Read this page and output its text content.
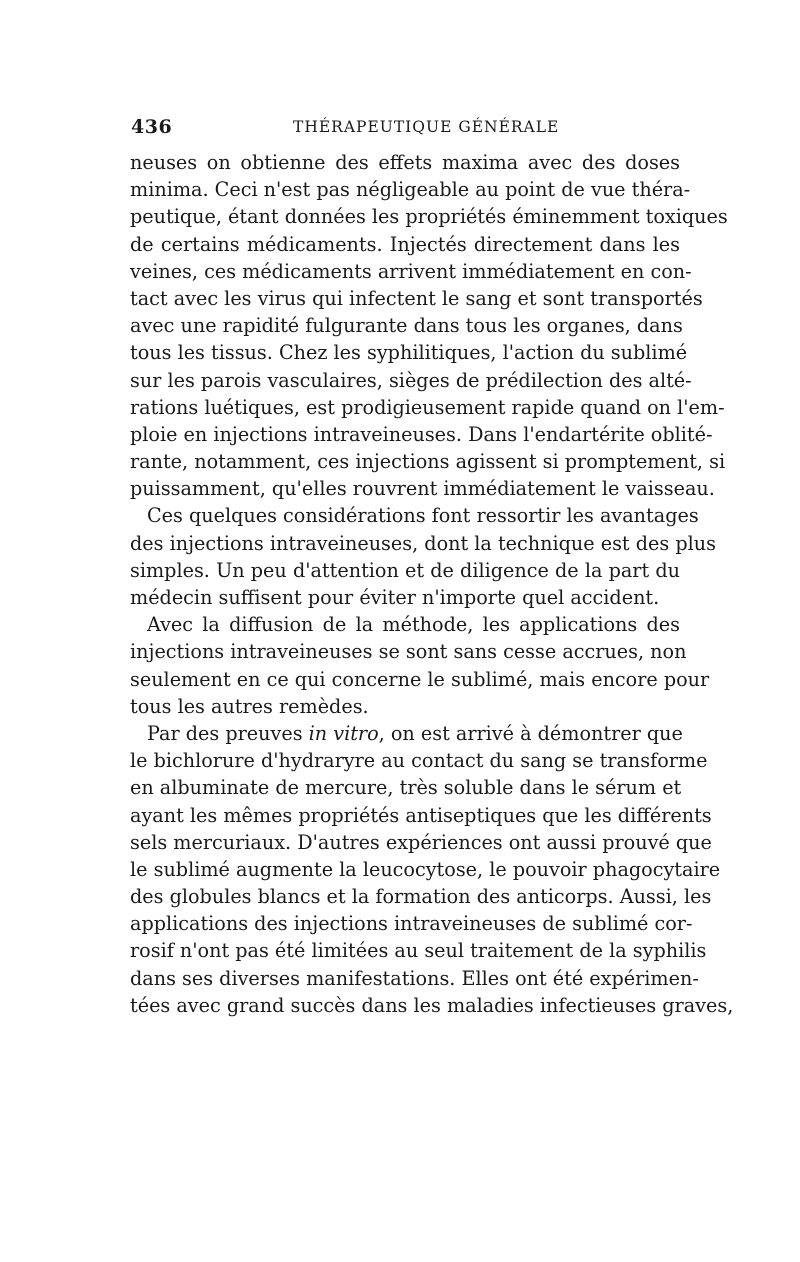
436	THÉRAPEUTIQUE GÉNÉRALE
neuses on obtienne des effets maxima avec des doses
minima. Ceci n'est pas négligeable au point de vue théra-
peutique, étant données les propriétés éminemment toxiques
de certains médicaments. Injectés directement dans les
veines, ces médicaments arrivent immédiatement en con-
tact avec les virus qui infectent le sang et sont transportés
avec une rapidité fulgurante dans tous les organes, dans
tous les tissus. Chez les syphilitiques, l'action du sublimé
sur les parois vasculaires, sièges de prédilection des alté-
rations luétiques, est prodigieusement rapide quand on l'em-
ploie en injections intraveineuses. Dans l'endartérite oblité-
rante, notamment, ces injections agissent si promptement, si
puissamment, qu'elles rouvrent immédiatement le vaisseau.
Ces quelques considérations font ressortir les avantages
des injections intraveineuses, dont la technique est des plus
simples. Un peu d'attention et de diligence de la part du
médecin suffisent pour éviter n'importe quel accident.
Avec la diffusion de la méthode, les applications des
injections intraveineuses se sont sans cesse accrues, non
seulement en ce qui concerne le sublimé, mais encore pour
tous les autres remèdes.
Par des preuves in vitro, on est arrivé à démontrer que
le bichlorure d'hydraryre au contact du sang se transforme
en albuminate de mercure, très soluble dans le sérum et
ayant les mêmes propriétés antiseptiques que les différents
sels mercuriaux. D'autres expériences ont aussi prouvé que
le sublimé augmente la leucocytose, le pouvoir phagocytaire
des globules blancs et la formation des anticorps. Aussi, les
applications des injections intraveineuses de sublimé cor-
rosif n'ont pas été limitées au seul traitement de la syphilis
dans ses diverses manifestations. Elles ont été expérimen-
tées avec grand succès dans les maladies infectieuses graves,
